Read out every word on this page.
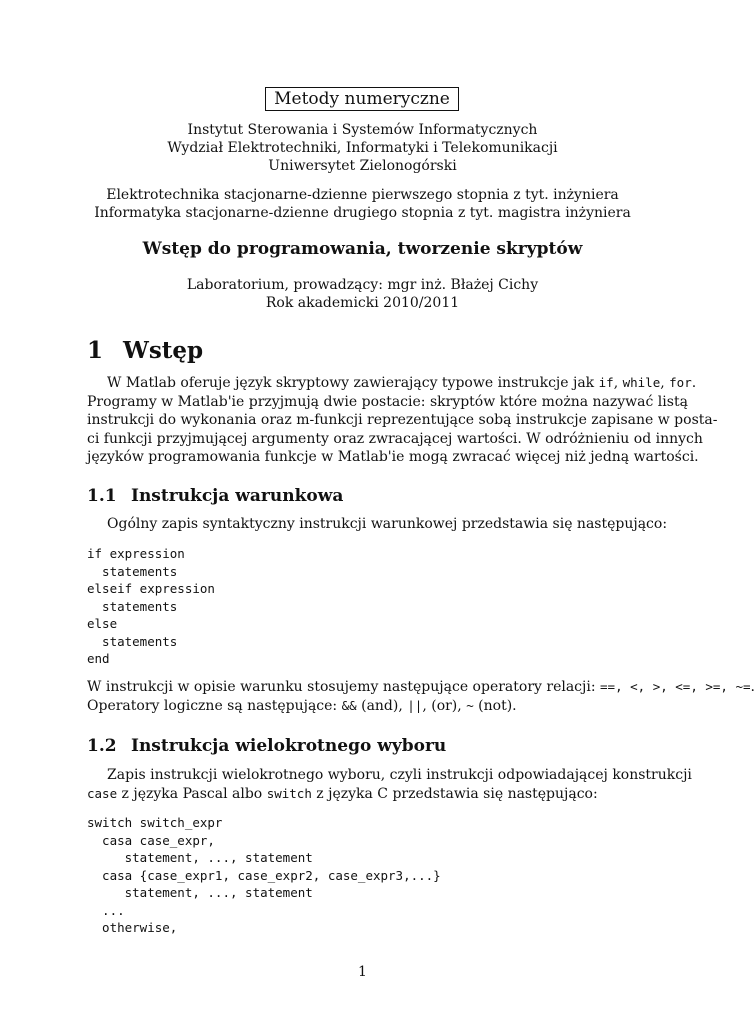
Metody numeryczne
Instytut Sterowania i Systemów Informatycznych
Wydział Elektrotechniki, Informatyki i Telekomunikacji
Uniwersytet Zielonogórski
Elektrotechnika stacjonarne-dzienne pierwszego stopnia z tyt. inżyniera
Informatyka stacjonarne-dzienne drugiego stopnia z tyt. magistra inżyniera
Wstęp do programowania, tworzenie skryptów
Laboratorium, prowadzący: mgr inż. Błażej Cichy
Rok akademicki 2010/2011
1 Wstęp
W Matlab oferuje język skryptowy zawierający typowe instrukcje jak if, while, for.
Programy w Matlab'ie przyjmują dwie postacie: skryptów które można nazywać listą
instrukcji do wykonania oraz m-funkcji reprezentujące sobą instrukcje zapisane w posta-
ci funkcji przyjmującej argumenty oraz zwracającej wartości. W odróżnieniu od innych
języków programowania funkcje w Matlab'ie mogą zwracać więcej niż jedną wartości.
1.1 Instrukcja warunkowa
Ogólny zapis syntaktyczny instrukcji warunkowej przedstawia się następująco:
if expression
statements
elseif expression
statements
else
statements
end
W instrukcji w opisie warunku stosujemy następujące operatory relacji: ==, <, >, <=, >=, ~=.
Operatory logiczne są następujące: && (and), ||, (or), ~ (not).
1.2 Instrukcja wielokrotnego wyboru
Zapis instrukcji wielokrotnego wyboru, czyli instrukcji odpowiadającej konstrukcji
case z języka Pascal albo switch z języka C przedstawia się następująco:
switch switch_expr
casa case_expr,
statement, ..., statement
casa {case_expr1, case_expr2, case_expr3,...}
statement, ..., statement
...
otherwise,
1
